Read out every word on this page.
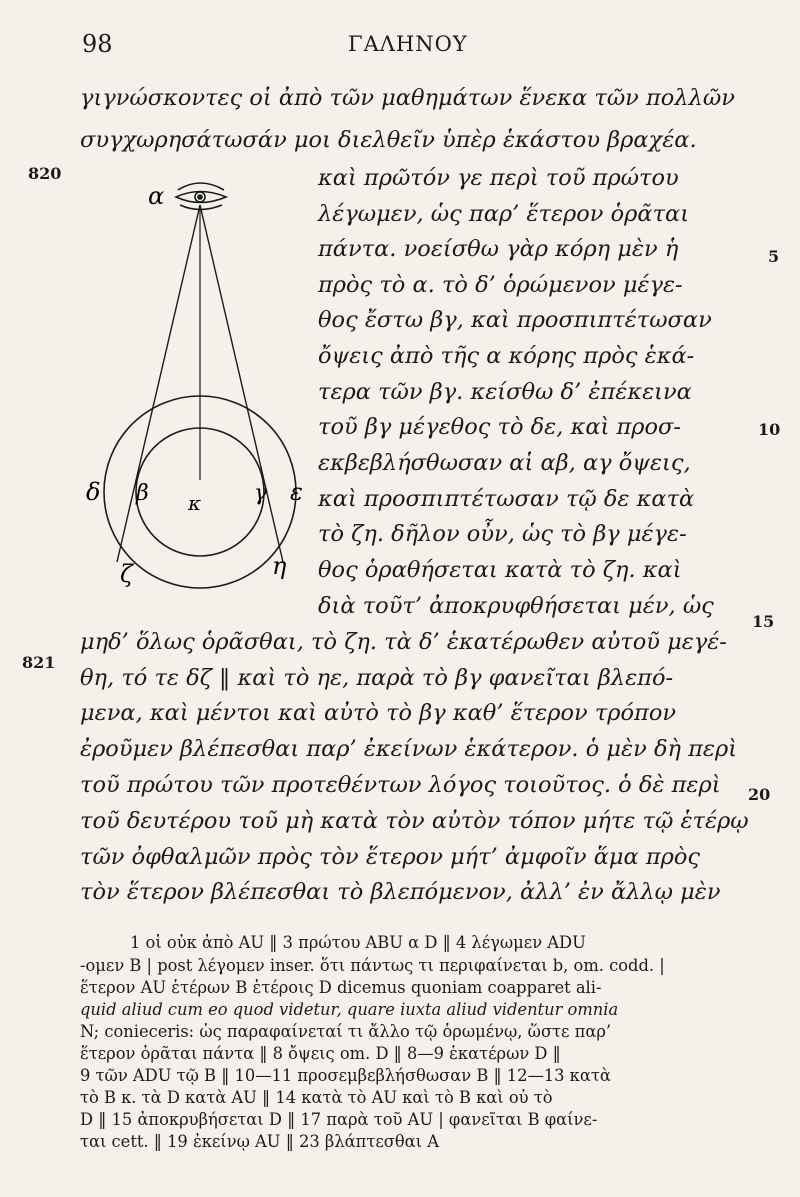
98	ΓΑΛΗΝΟΥ
820
821
5
10
15
20
γιγνώσκοντες οἱ ἀπὸ τῶν μαθημάτων ἕνεκα τῶν πολλῶν
συγχωρησάτωσάν μοι διελθεῖν ὑπὲρ ἑκάστου βραχέα.
καὶ πρῶτόν γε περὶ τοῦ πρώτου
λέγωμεν, ὡς παρ’ ἕτερον ὁρᾶται
πάντα. νοείσθω γὰρ κόρη μὲν ἡ
πρὸς τὸ α. τὸ δ’ ὁρώμενον μέγε-
θος ἔστω βγ, καὶ προσπιπτέτωσαν
ὄψεις ἀπὸ τῆς α κόρης πρὸς ἑκά-
τερα τῶν βγ. κείσθω δ’ ἐπέκεινα
τοῦ βγ μέγεθος τὸ δε, καὶ προσ-
εκβεβλήσθωσαν αἱ αβ, αγ ὄψεις,
καὶ προσπιπτέτωσαν τῷ δε κατὰ
τὸ ζη. δῆλον οὖν, ὡς τὸ βγ μέγε-
θος ὁραθήσεται κατὰ τὸ ζη. καὶ
διὰ τοῦτ’ ἀποκρυφθήσεται μέν, ὡς
μηδ’ ὅλως ὁρᾶσθαι, τὸ ζη. τὰ δ’ ἑκατέρωθεν αὐτοῦ μεγέ-
θη, τό τε δζ ‖ καὶ τὸ ηε, παρὰ τὸ βγ φανεῖται βλεπό-
μενα, καὶ μέντοι καὶ αὐτὸ τὸ βγ καθ’ ἕτερον τρόπον
ἐροῦμεν βλέπεσθαι παρ’ ἐκείνων ἑκάτερον. ὁ μὲν δὴ περὶ
τοῦ πρώτου τῶν προτεθέντων λόγος τοιοῦτος. ὁ δὲ περὶ
τοῦ δευτέρου τοῦ μὴ κατὰ τὸν αὐτὸν τόπον μήτε τῷ ἑτέρῳ
τῶν ὀφθαλμῶν πρὸς τὸν ἕτερον μήτ’ ἀμφοῖν ἅμα πρὸς
τὸν ἕτερον βλέπεσθαι τὸ βλεπόμενον, ἀλλ’ ἐν ἄλλῳ μὲν
α
β	γ
δ	ε
ζ	η
κ
1 οἱ οὐκ ἀπὸ AU ‖ 3 πρώτου ABU α D ‖ 4 λέγωμεν ADU
-ομεν B | post λέγομεν inser. ὅτι πάντως τι περιφαίνεται b, om. codd. |
ἕτερον AU ἑτέρων B ἑτέροις D dicemus quoniam coapparet ali-
quid aliud cum eo quod videtur, quare iuxta aliud videntur omnia
N; conieceris: ὡς παραφαίνεταί τι ἄλλο τῷ ὁρωμένῳ, ὥστε παρ’
ἕτερον ὁρᾶται πάντα ‖ 8 ὄψεις om. D ‖ 8—9 ἑκατέρων D ‖
9 τῶν ADU τῷ B ‖ 10—11 προσεμβεβλήσθωσαν B ‖ 12—13 κατὰ
τὸ B κ. τὰ D κατὰ AU ‖ 14 κατὰ τὸ AU καὶ τὸ B καὶ οὐ τὸ
D ‖ 15 ἀποκρυβήσεται D ‖ 17 παρὰ τοῦ AU | φανεῖται B φαίνε-
ται cett. ‖ 19 ἐκείνῳ AU ‖ 23 βλάπτεσθαι A
